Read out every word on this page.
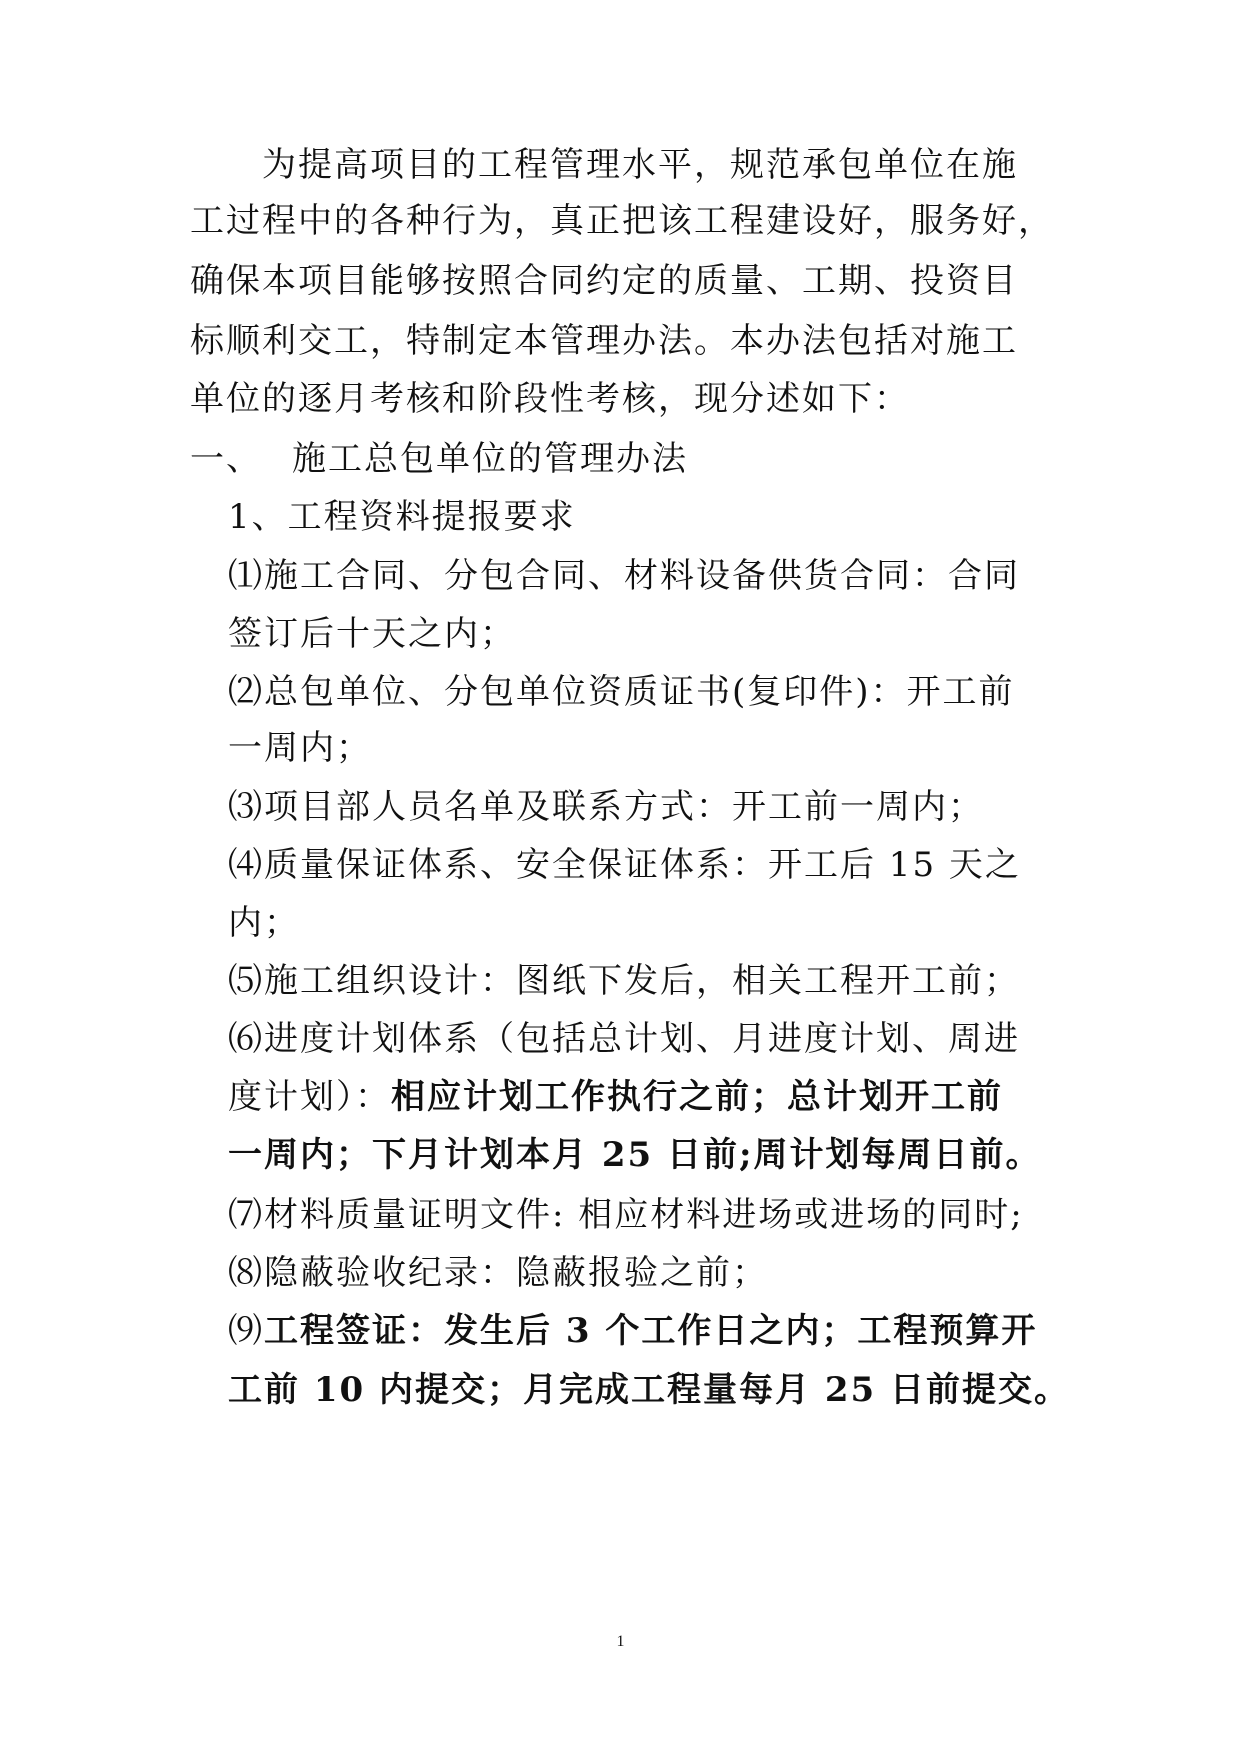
为提高项目的工程管理水平，规范承包单位在施
工过程中的各种行为，真正把该工程建设好，服务好，
确保本项目能够按照合同约定的质量、工期、投资目
标顺利交工，特制定本管理办法。本办法包括对施工
单位的逐月考核和阶段性考核，现分述如下：
一、 施工总包单位的管理办法
1、工程资料提报要求
⑴施工合同、分包合同、材料设备供货合同：合同
签订后十天之内；
⑵总包单位、分包单位资质证书(复印件)：开工前
一周内；
⑶项目部人员名单及联系方式：开工前一周内；
⑷质量保证体系、安全保证体系：开工后 15 天之
内；
⑸施工组织设计：图纸下发后，相关工程开工前；
⑹进度计划体系（包括总计划、月进度计划、周进
度计划）：相应计划工作执行之前；总计划开工前
一周内；下月计划本月 25 日前;周计划每周日前。
⑺材料质量证明文件: 相应材料进场或进场的同时;
⑻隐蔽验收纪录：隐蔽报验之前；
⑼工程签证：发生后 3 个工作日之内；工程预算开
工前 10 内提交；月完成工程量每月 25 日前提交。
1
